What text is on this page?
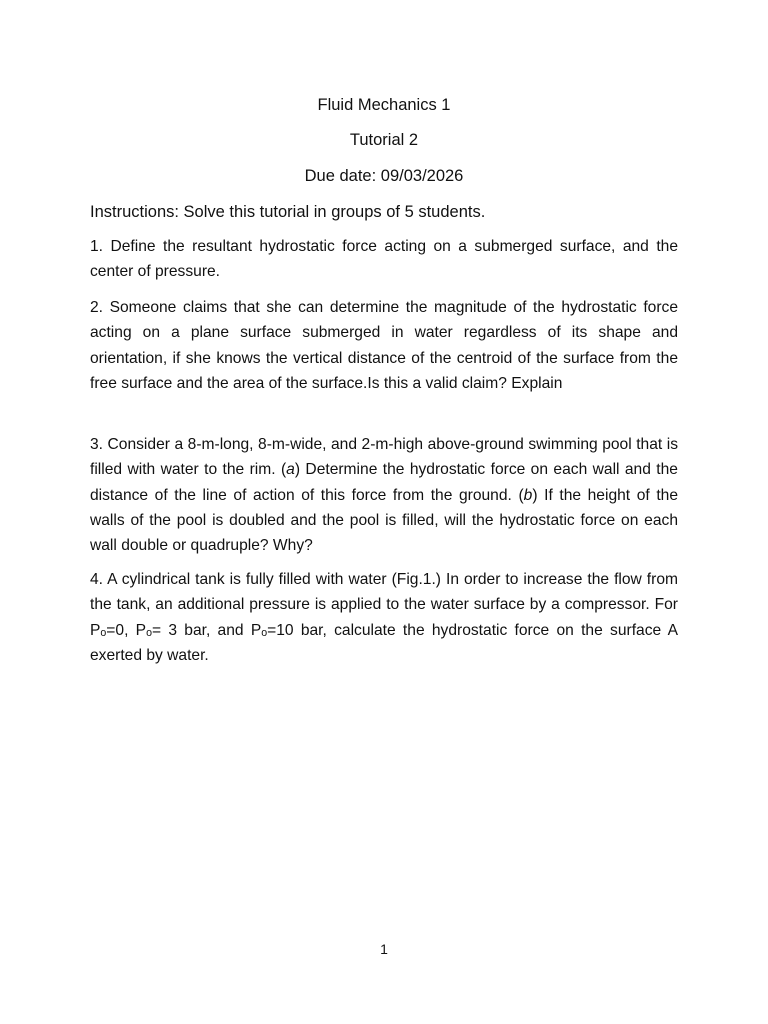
Fluid Mechanics 1
Tutorial 2
Due date: 09/03/2026
Instructions: Solve this tutorial in groups of 5 students.
1. Define the resultant hydrostatic force acting on a submerged surface, and the center of pressure.
2. Someone claims that she can determine the magnitude of the hydrostatic force acting on a plane surface submerged in water regardless of its shape and orientation, if she knows the vertical distance of the centroid of the surface from the free surface and the area of the surface.Is this a valid claim? Explain
3. Consider a 8-m-long, 8-m-wide, and 2-m-high above-ground swimming pool that is filled with water to the rim. (a) Determine the hydrostatic force on each wall and the distance of the line of action of this force from the ground. (b) If the height of the walls of the pool is doubled and the pool is filled, will the hydrostatic force on each wall double or quadruple? Why?
4. A cylindrical tank is fully filled with water (Fig.1.) In order to increase the flow from the tank, an additional pressure is applied to the water surface by a compressor. For Pₒ=0, Pₒ= 3 bar, and Pₒ=10 bar, calculate the hydrostatic force on the surface A exerted by water.
1
